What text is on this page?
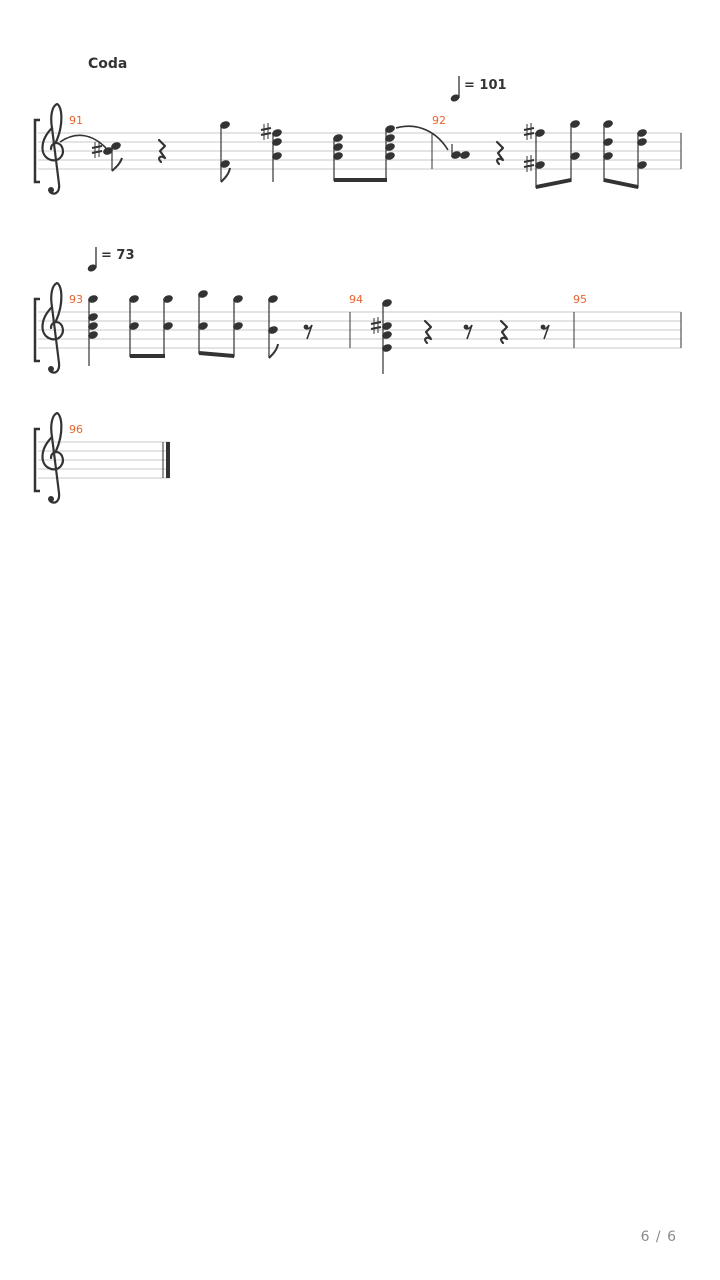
Coda
= 101
91	92
= 73
93	94	95
96
6 / 6
